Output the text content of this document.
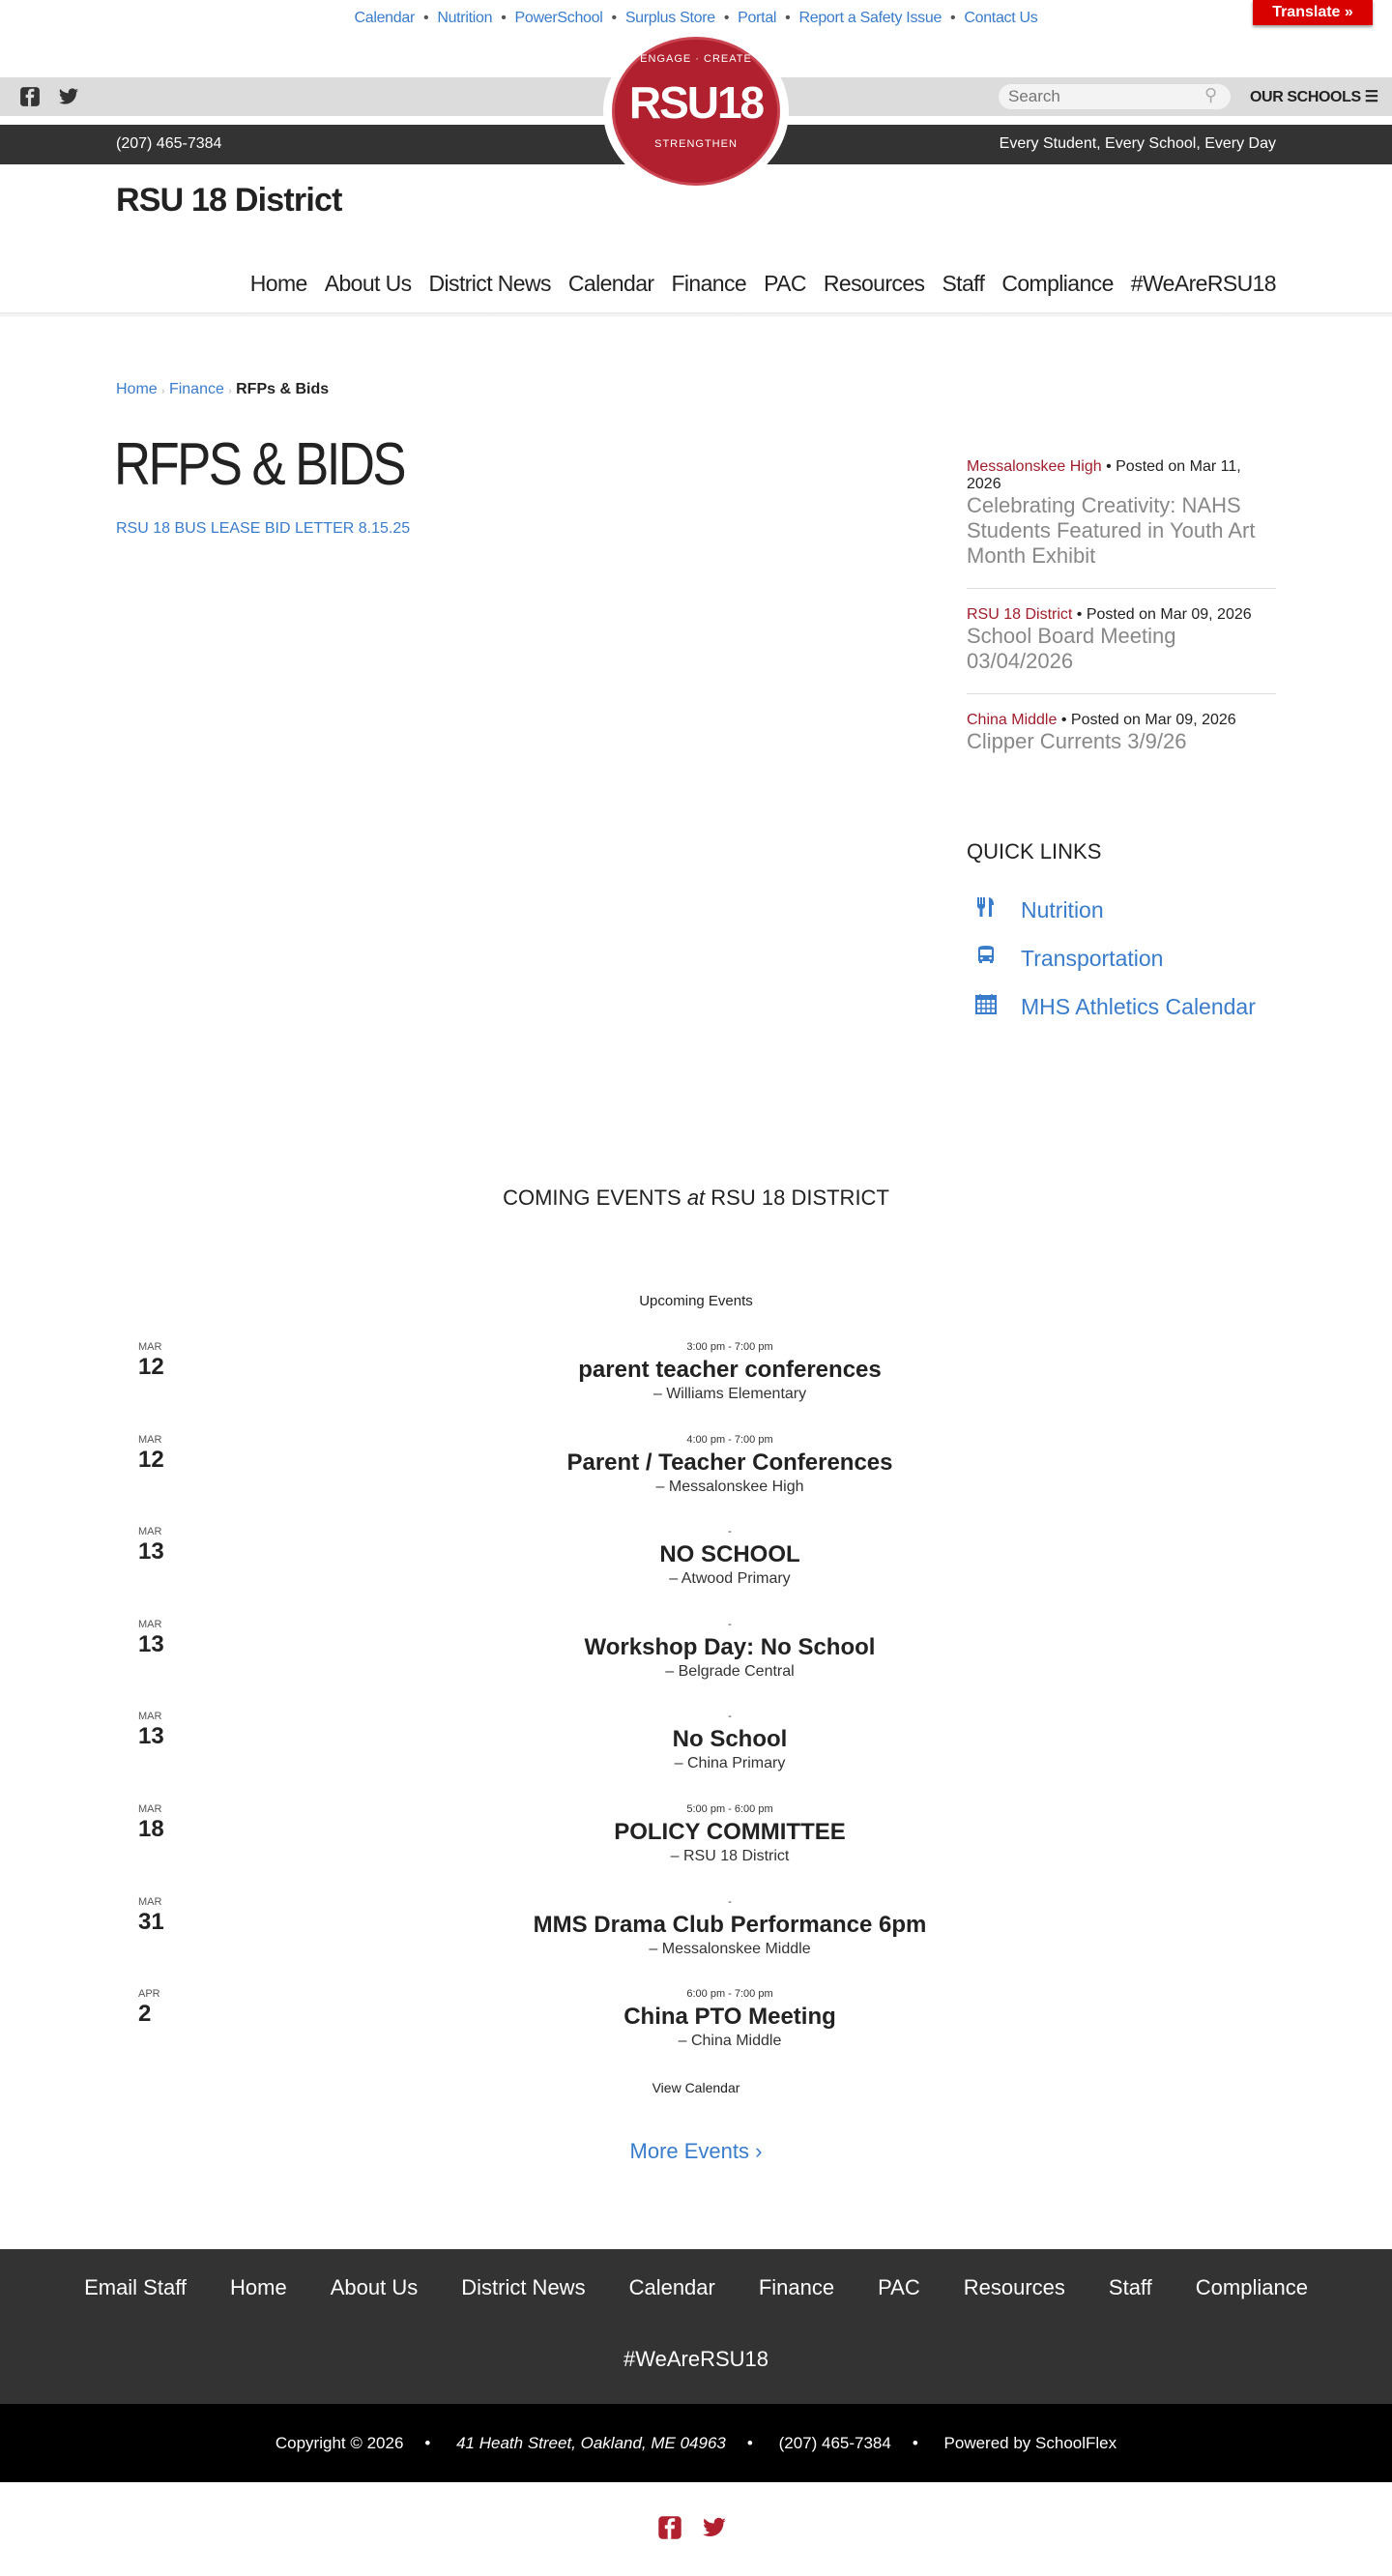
Calendar • Nutrition • PowerSchool • Surplus Store • Portal • Report a Safety Issue • Contact Us	Translate »
Search
⚲ OUR SCHOOLS ☰
(207) 465-7384	Every Student, Every School, Every Day
ENGAGE · CREATE
RSU18
STRENGTHEN
RSU 18 District
Home About Us District News Calendar Finance PAC Resources Staff Compliance #WeAreRSU18
Home › Finance › RFPs & Bids
RFPS & BIDS
RSU 18 BUS LEASE BID LETTER 8.15.25
Messalonskee High • Posted on Mar 11, 2026
Celebrating Creativity: NAHS Students Featured in Youth Art Month Exhibit
RSU 18 District • Posted on Mar 09, 2026
School Board Meeting 03/04/2026
China Middle • Posted on Mar 09, 2026
Clipper Currents 3/9/26
QUICK LINKS
Nutrition
Transportation
MHS Athletics Calendar
COMING EVENTS at RSU 18 DISTRICT
Upcoming Events
MAR
12
3:00 pm - 7:00 pm
parent teacher conferences
– Williams Elementary
MAR
12
4:00 pm - 7:00 pm
Parent / Teacher Conferences
– Messalonskee High
MAR
13
-
NO SCHOOL
– Atwood Primary
MAR
13
-
Workshop Day: No School
– Belgrade Central
MAR
13
-
No School
– China Primary
MAR
18
5:00 pm - 6:00 pm
POLICY COMMITTEE
– RSU 18 District
MAR
31
-
MMS Drama Club Performance 6pm
– Messalonskee Middle
APR
2
6:00 pm - 7:00 pm
China PTO Meeting
– China Middle
View Calendar
More Events ›
Email Staff Home About Us District News Calendar Finance PAC Resources Staff Compliance
#WeAreRSU18
Copyright © 2026 • 41 Heath Street, Oakland, ME 04963 • (207) 465-7384 • Powered by SchoolFlex
